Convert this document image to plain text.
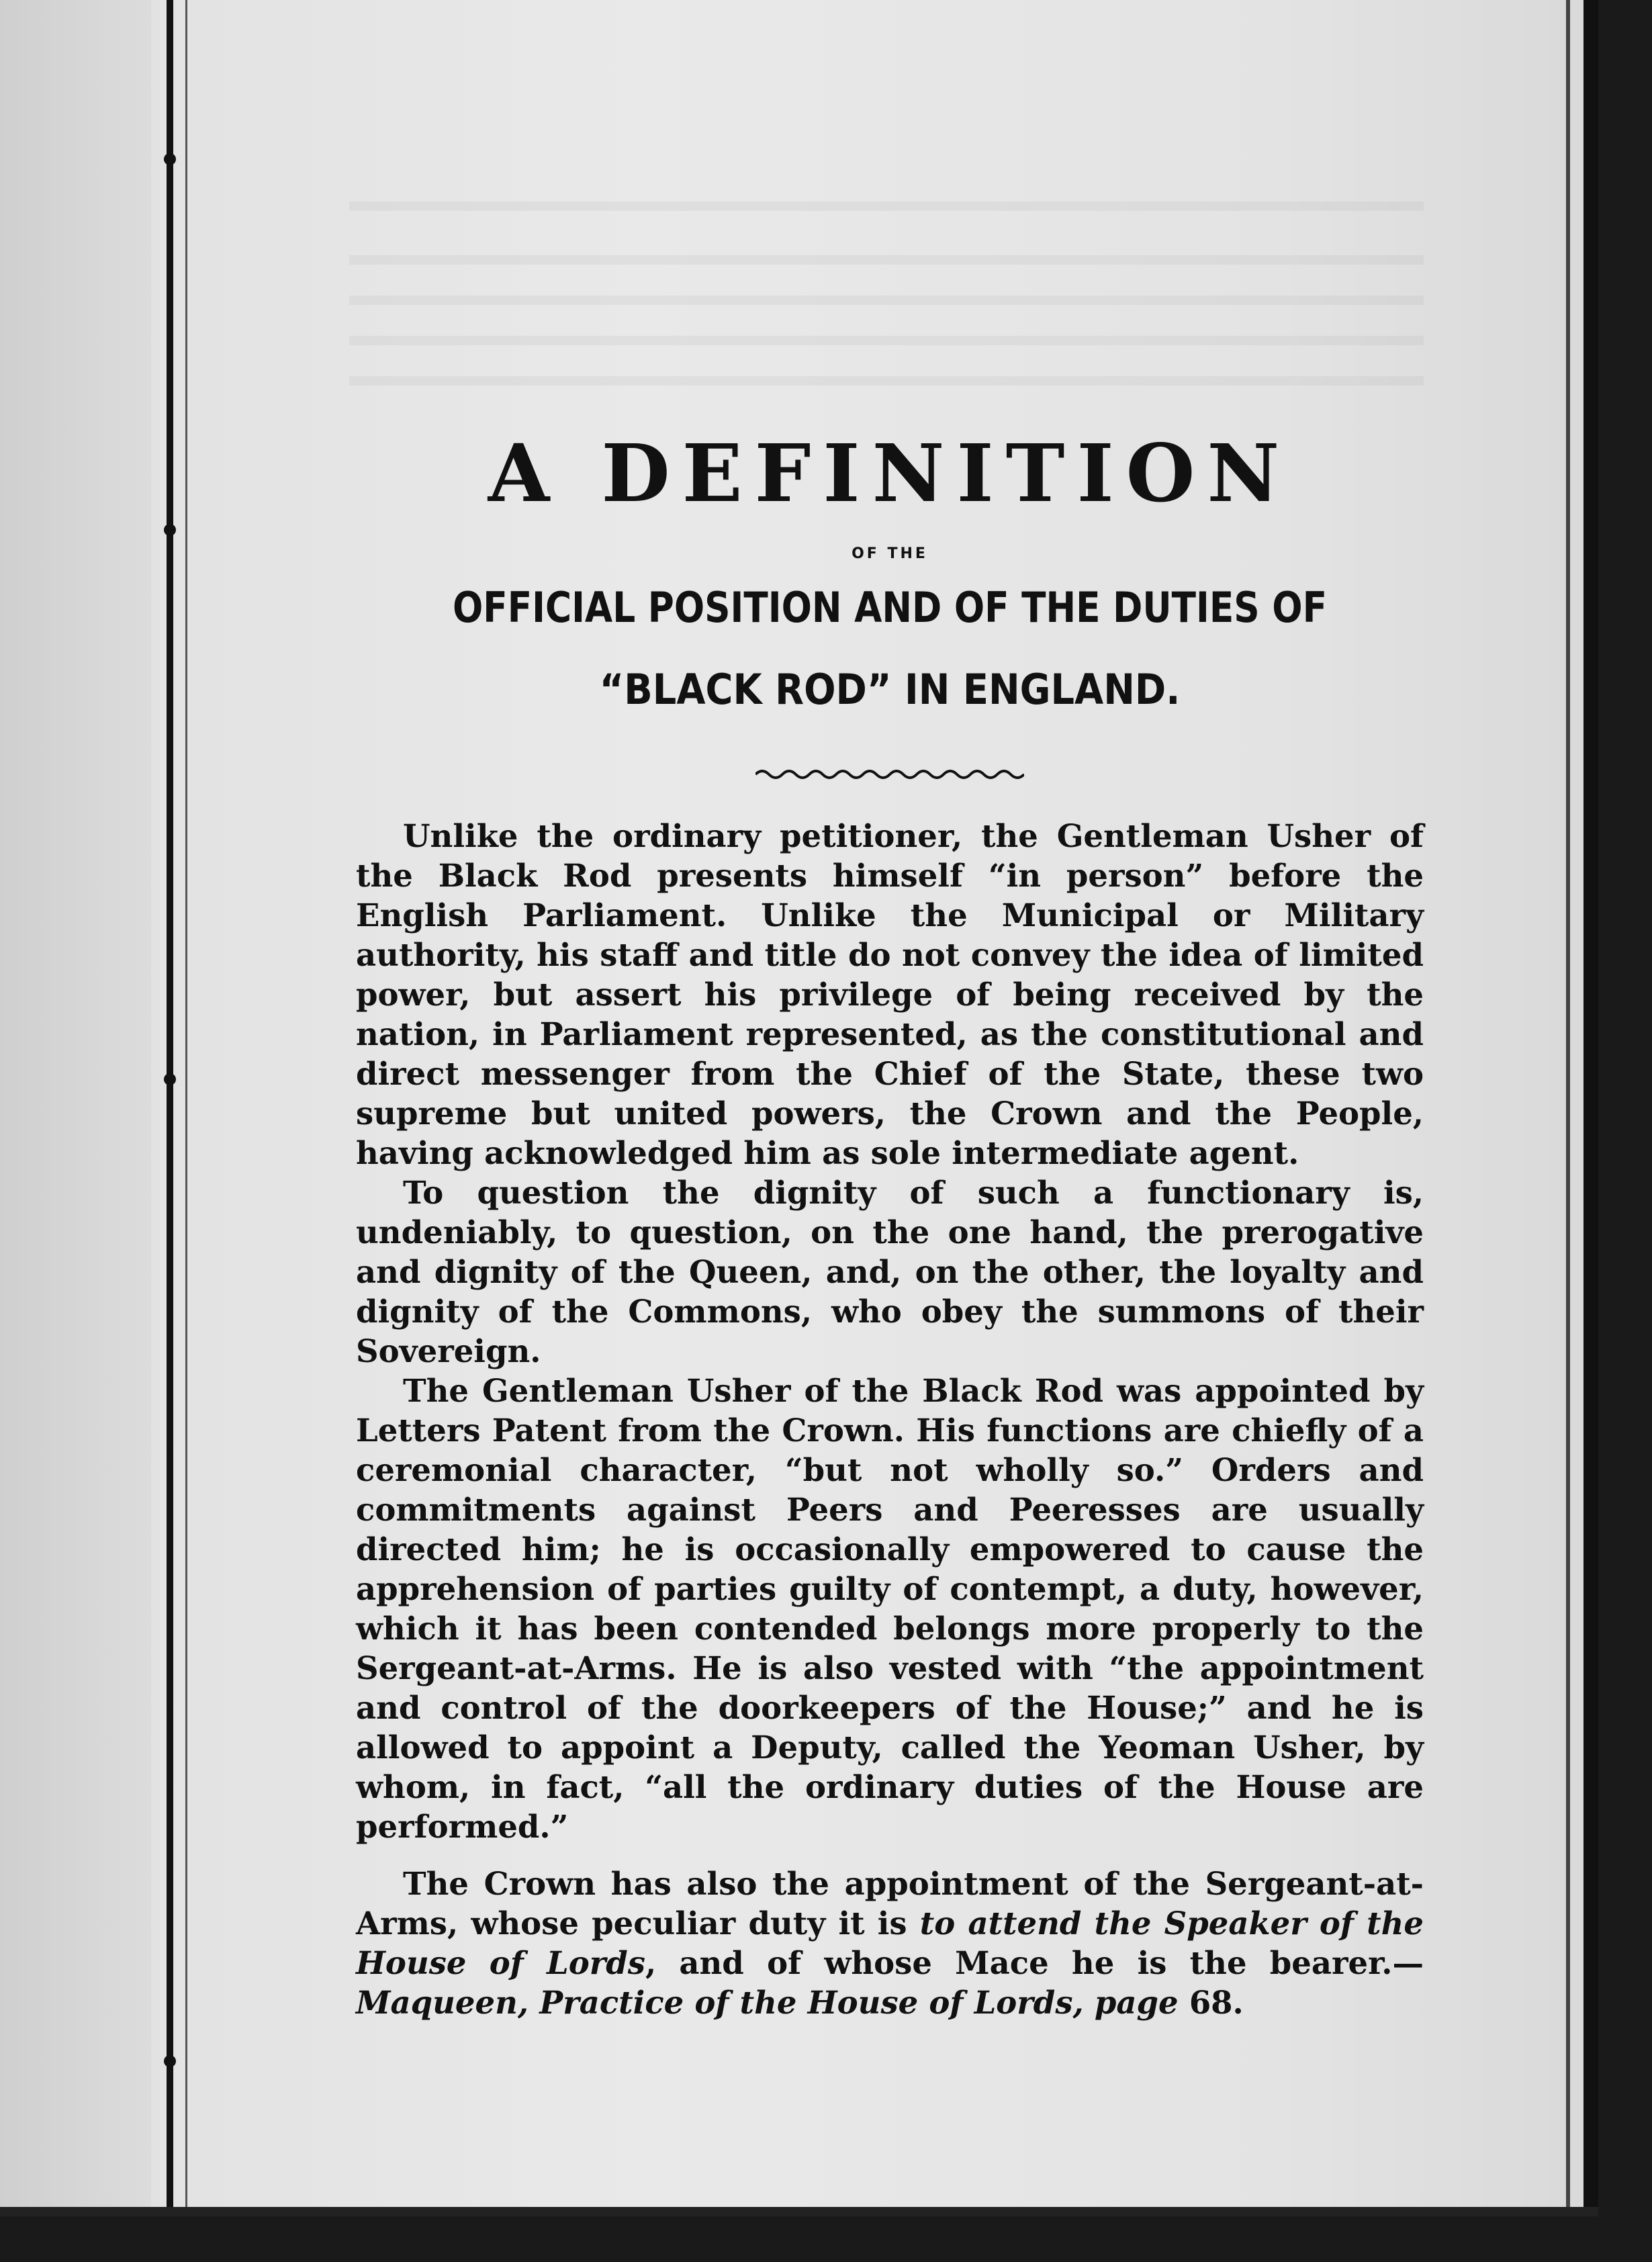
A DEFINITION
OF THE
OFFICIAL POSITION AND OF THE DUTIES OF
“BLACK ROD” IN ENGLAND.

Unlike the ordinary petitioner, the Gentleman Usher of the Black Rod presents himself “in person” before the English Parliament. Unlike the Municipal or Military authority, his staff and title do not convey the idea of limited power, but assert his privilege of being received by the nation, in Parliament represented, as the constitutional and direct messenger from the Chief of the State, these two supreme but united powers, the Crown and the People, having acknowledged him as sole intermediate agent.

To question the dignity of such a functionary is, undeniably, to question, on the one hand, the prerogative and dignity of the Queen, and, on the other, the loyalty and dignity of the Commons, who obey the summons of their Sovereign.

The Gentleman Usher of the Black Rod was appointed by Letters Patent from the Crown. His functions are chiefly of a ceremonial character, “but not wholly so.” Orders and commitments against Peers and Peeresses are usually directed him; he is occasionally empowered to cause the apprehension of parties guilty of contempt, a duty, however, which it has been contended belongs more properly to the Sergeant-at-Arms. He is also vested with “the appointment and control of the doorkeepers of the House;” and he is allowed to appoint a Deputy, called the Yeoman Usher, by whom, in fact, “all the ordinary duties of the House are performed.”

The Crown has also the appointment of the Sergeant-at-Arms, whose peculiar duty it is to attend the Speaker of the House of Lords, and of whose Mace he is the bearer.—Maqueen, Practice of the House of Lords, page 68.
